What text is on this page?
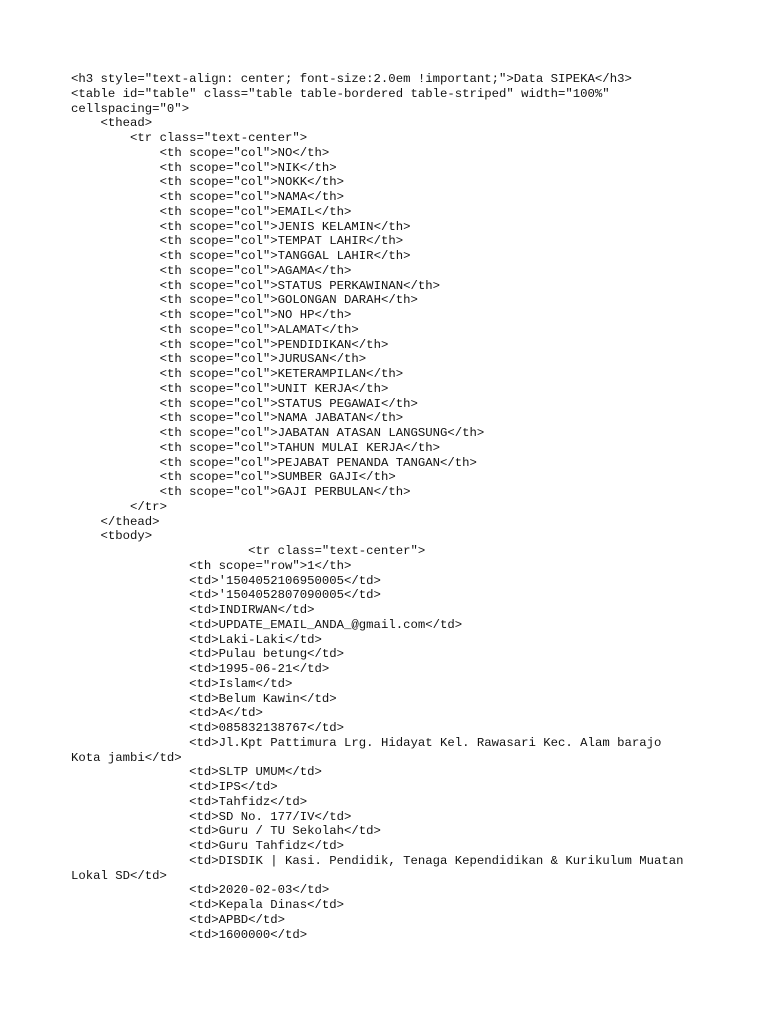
<h3 style="text-align: center; font-size:2.0em !important;">Data SIPEKA</h3>
<table id="table" class="table table-bordered table-striped" width="100%"
cellspacing="0">
<thead>
<tr class="text-center">
<th scope="col">NO</th>
<th scope="col">NIK</th>
<th scope="col">NOKK</th>
<th scope="col">NAMA</th>
<th scope="col">EMAIL</th>
<th scope="col">JENIS KELAMIN</th>
<th scope="col">TEMPAT LAHIR</th>
<th scope="col">TANGGAL LAHIR</th>
<th scope="col">AGAMA</th>
<th scope="col">STATUS PERKAWINAN</th>
<th scope="col">GOLONGAN DARAH</th>
<th scope="col">NO HP</th>
<th scope="col">ALAMAT</th>
<th scope="col">PENDIDIKAN</th>
<th scope="col">JURUSAN</th>
<th scope="col">KETERAMPILAN</th>
<th scope="col">UNIT KERJA</th>
<th scope="col">STATUS PEGAWAI</th>
<th scope="col">NAMA JABATAN</th>
<th scope="col">JABATAN ATASAN LANGSUNG</th>
<th scope="col">TAHUN MULAI KERJA</th>
<th scope="col">PEJABAT PENANDA TANGAN</th>
<th scope="col">SUMBER GAJI</th>
<th scope="col">GAJI PERBULAN</th>
</tr>
</thead>
<tbody>
<tr class="text-center">
<th scope="row">1</th>
<td>'1504052106950005</td>
<td>'1504052807090005</td>
<td>INDIRWAN</td>
<td>UPDATE_EMAIL_ANDA_@gmail.com</td>
<td>Laki-Laki</td>
<td>Pulau betung</td>
<td>1995-06-21</td>
<td>Islam</td>
<td>Belum Kawin</td>
<td>A</td>
<td>085832138767</td>
<td>Jl.Kpt Pattimura Lrg. Hidayat Kel. Rawasari Kec. Alam barajo
Kota jambi</td>
<td>SLTP UMUM</td>
<td>IPS</td>
<td>Tahfidz</td>
<td>SD No. 177/IV</td>
<td>Guru / TU Sekolah</td>
<td>Guru Tahfidz</td>
<td>DISDIK | Kasi. Pendidik, Tenaga Kependidikan & Kurikulum Muatan
Lokal SD</td>
<td>2020-02-03</td>
<td>Kepala Dinas</td>
<td>APBD</td>
<td>1600000</td>
